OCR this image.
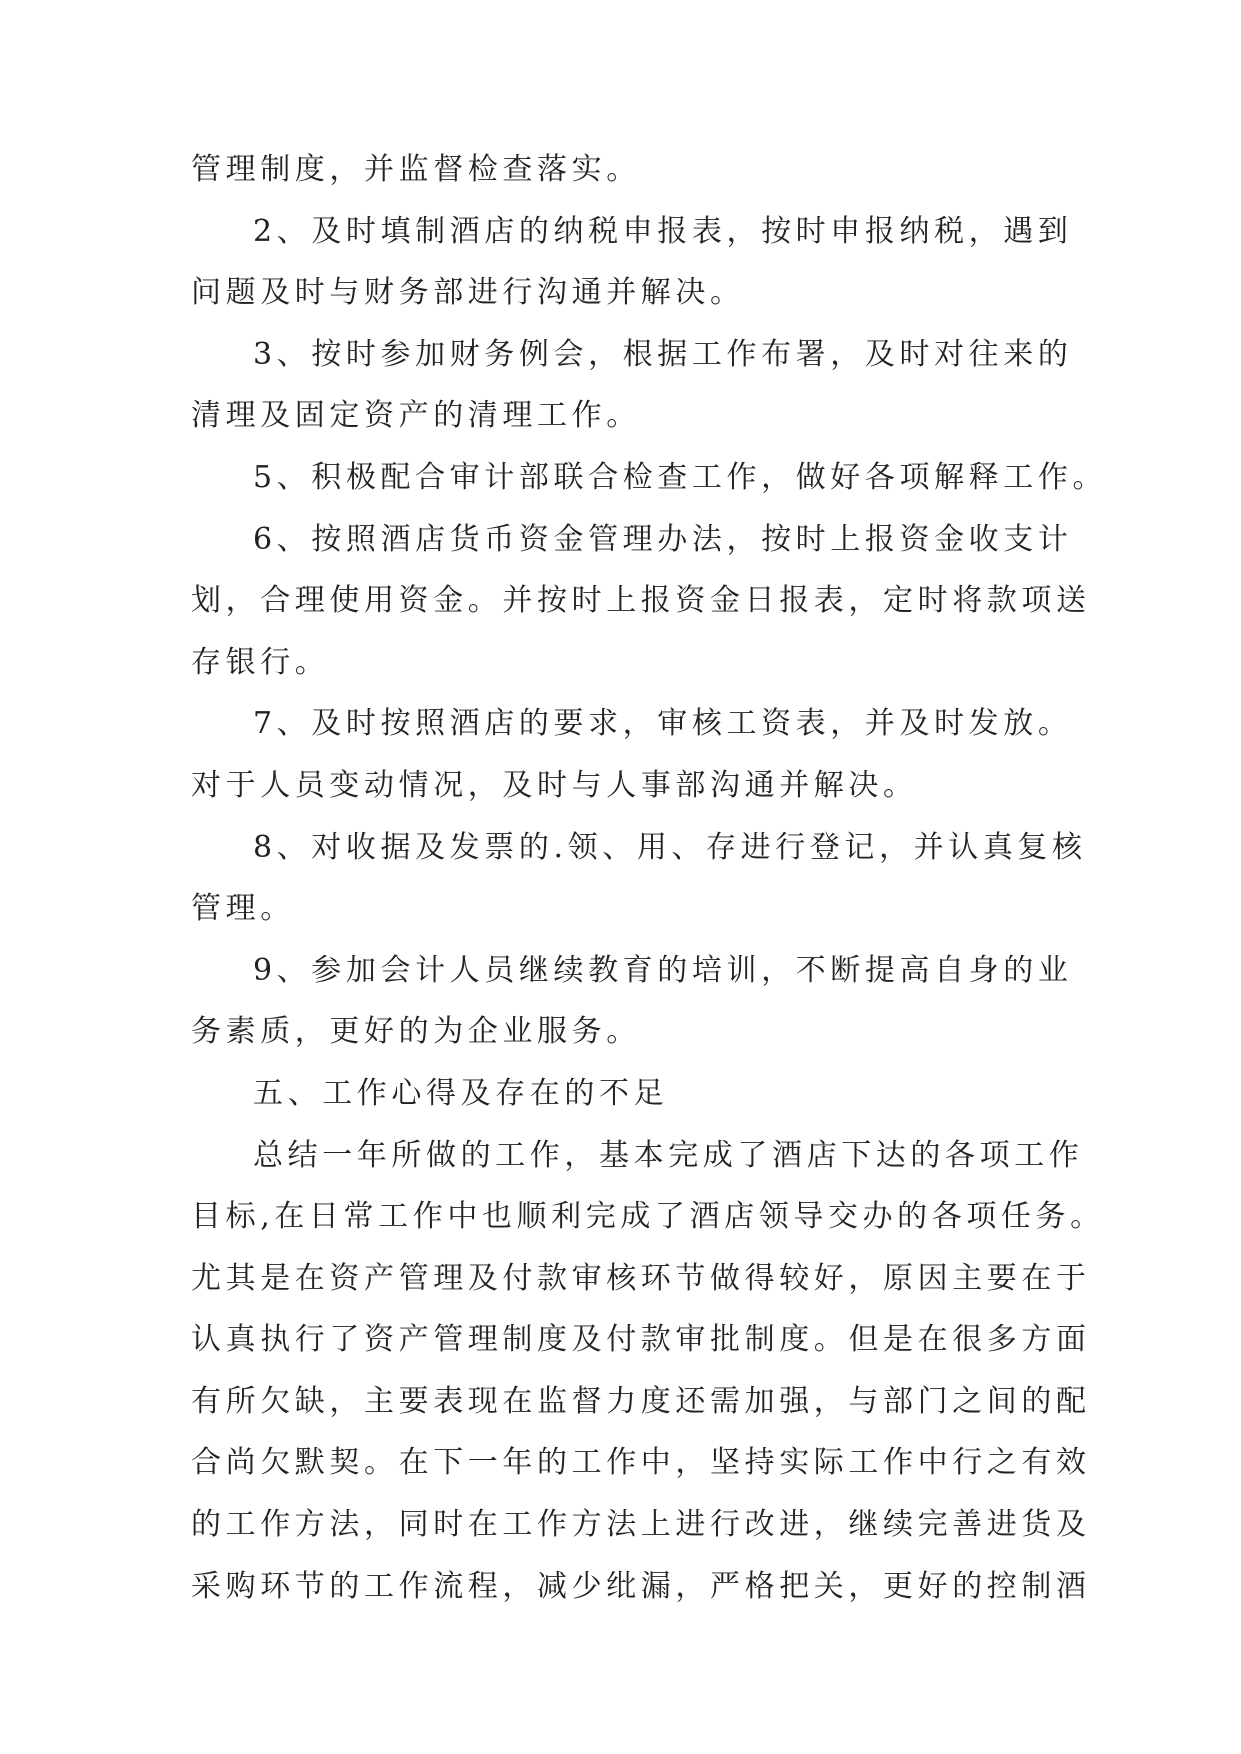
管理制度，并监督检查落实。
2、及时填制酒店的纳税申报表，按时申报纳税，遇到
问题及时与财务部进行沟通并解决。
3、按时参加财务例会，根据工作布署，及时对往来的
清理及固定资产的清理工作。
5、积极配合审计部联合检查工作，做好各项解释工作。
6、按照酒店货币资金管理办法，按时上报资金收支计
划，合理使用资金。并按时上报资金日报表，定时将款项送
存银行。
7、及时按照酒店的要求，审核工资表，并及时发放。
对于人员变动情况，及时与人事部沟通并解决。
8、对收据及发票的.领、用、存进行登记，并认真复核
管理。
9、参加会计人员继续教育的培训，不断提高自身的业
务素质，更好的为企业服务。
五、工作心得及存在的不足
总结一年所做的工作，基本完成了酒店下达的各项工作
目标,在日常工作中也顺利完成了酒店领导交办的各项任务。
尤其是在资产管理及付款审核环节做得较好，原因主要在于
认真执行了资产管理制度及付款审批制度。但是在很多方面
有所欠缺，主要表现在监督力度还需加强，与部门之间的配
合尚欠默契。在下一年的工作中，坚持实际工作中行之有效
的工作方法，同时在工作方法上进行改进，继续完善进货及
采购环节的工作流程，减少纰漏，严格把关，更好的控制酒
